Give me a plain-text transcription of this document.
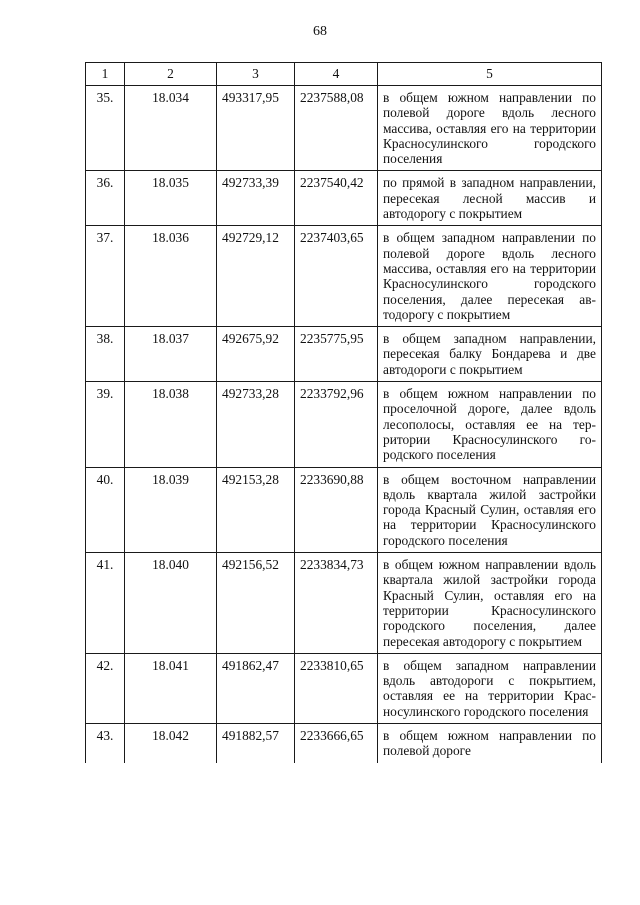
68
1	2	3	4	5
35.	18.034	493317,95	2237588,08	в общем южном направлении по полевой дороге вдоль лесного массива, оставляя его на территории Красносулинского городского поселения
36.	18.035	492733,39	2237540,42	по прямой в западном направлении, пересекая лесной массив и автодорогу с покрытием
37.	18.036	492729,12	2237403,65	в общем западном направлении по полевой дороге вдоль лесного массива, оставляя его на территории Красносулинского городского поселения, далее пересекая автодорогу с покрытием
38.	18.037	492675,92	2235775,95	в общем западном направлении, пересекая балку Бондарева и две автодороги с покрытием
39.	18.038	492733,28	2233792,96	в общем южном направлении по проселочной дороге, далее вдоль лесополосы, оставляя ее на территории Красносулинского городского поселения
40.	18.039	492153,28	2233690,88	в общем восточном направлении вдоль квартала жилой застройки города Красный Сулин, оставляя его на территории Красносулинского городского поселения
41.	18.040	492156,52	2233834,73	в общем южном направлении вдоль квартала жилой застройки города Красный Сулин, оставляя его на территории Красносулинского городского поселения, далее пересекая автодорогу с покрытием
42.	18.041	491862,47	2233810,65	в общем западном направлении вдоль автодороги с покрытием, оставляя ее на территории Красносулинского городского поселения
43.	18.042	491882,57	2233666,65	в общем южном направлении по полевой дороге
